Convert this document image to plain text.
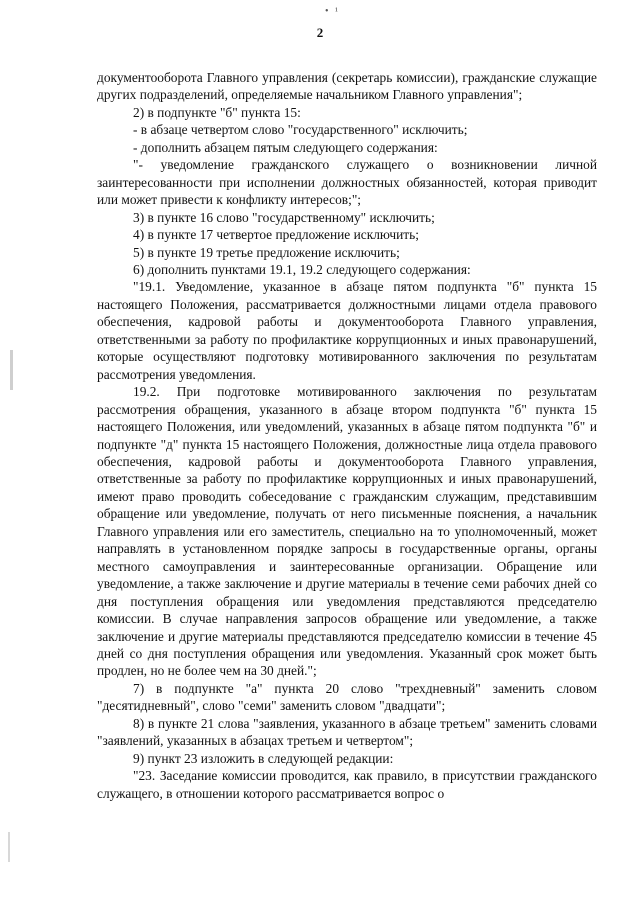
• ¹
2

документооборота Главного управления (секретарь комиссии), гражданские служащие других подразделений, определяемые начальником Главного управления";

2) в подпункте "б" пункта 15:

- в абзаце четвертом слово "государственного" исключить;

- дополнить абзацем пятым следующего содержания:

"- уведомление гражданского служащего о возникновении личной заинтересованности при исполнении должностных обязанностей, которая приводит или может привести к конфликту интересов;";

3) в пункте 16 слово "государственному" исключить;

4) в пункте 17 четвертое предложение исключить;

5) в пункте 19 третье предложение исключить;

6) дополнить пунктами 19.1, 19.2 следующего содержания:

"19.1. Уведомление, указанное в абзаце пятом подпункта "б" пункта 15 настоящего Положения, рассматривается должностными лицами отдела правового обеспечения, кадровой работы и документооборота Главного управления, ответственными за работу по профилактике коррупционных и иных правонарушений, которые осуществляют подготовку мотивированного заключения по результатам рассмотрения уведомления.

19.2. При подготовке мотивированного заключения по результатам рассмотрения обращения, указанного в абзаце втором подпункта "б" пункта 15 настоящего Положения, или уведомлений, указанных в абзаце пятом подпункта "б" и подпункте "д" пункта 15 настоящего Положения, должностные лица отдела правового обеспечения, кадровой работы и документооборота Главного управления, ответственные за работу по профилактике коррупционных и иных правонарушений, имеют право проводить собеседование с гражданским служащим, представившим обращение или уведомление, получать от него письменные пояснения, а начальник Главного управления или его заместитель, специально на то уполномоченный, может направлять в установленном порядке запросы в государственные органы, органы местного самоуправления и заинтересованные организации. Обращение или уведомление, а также заключение и другие материалы в течение семи рабочих дней со дня поступления обращения или уведомления представляются председателю комиссии. В случае направления запросов обращение или уведомление, а также заключение и другие материалы представляются председателю комиссии в течение 45 дней со дня поступления обращения или уведомления. Указанный срок может быть продлен, но не более чем на 30 дней.";

7) в подпункте "а" пункта 20 слово "трехдневный" заменить словом "десятидневный", слово "семи" заменить словом "двадцати";

8) в пункте 21 слова "заявления, указанного в абзаце третьем" заменить словами "заявлений, указанных в абзацах третьем и четвертом";

9) пункт 23 изложить в следующей редакции:

"23. Заседание комиссии проводится, как правило, в присутствии гражданского служащего, в отношении которого рассматривается вопрос о
